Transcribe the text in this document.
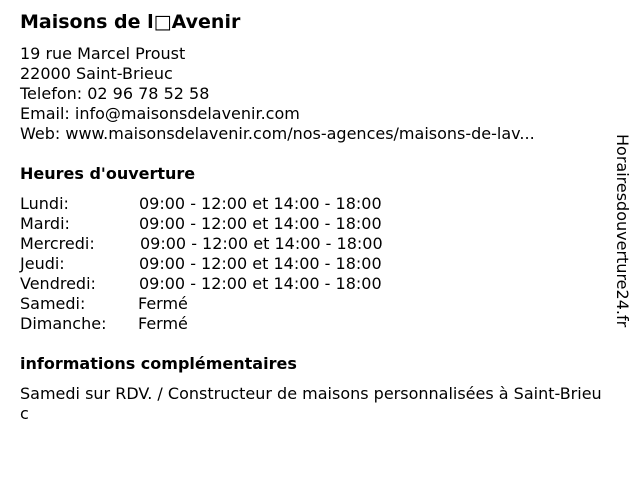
Maisons de l□Avenir
19 rue Marcel Proust
22000 Saint-Brieuc
Telefon: 02 96 78 52 58
Email: info@maisonsdelavenir.com
Web: www.maisonsdelavenir.com/nos-agences/maisons-de-lav...
Heures d'ouverture
Lundi:	09:00 - 12:00 et 14:00 - 18:00
Mardi:	09:00 - 12:00 et 14:00 - 18:00
Mercredi:	09:00 - 12:00 et 14:00 - 18:00
Jeudi:	09:00 - 12:00 et 14:00 - 18:00
Vendredi:	09:00 - 12:00 et 14:00 - 18:00
Samedi:	Fermé
Dimanche: Fermé
informations complémentaires
Samedi sur RDV. / Constructeur de maisons personnalisées à Saint-Brieuc
Horairesdouverture24.fr
